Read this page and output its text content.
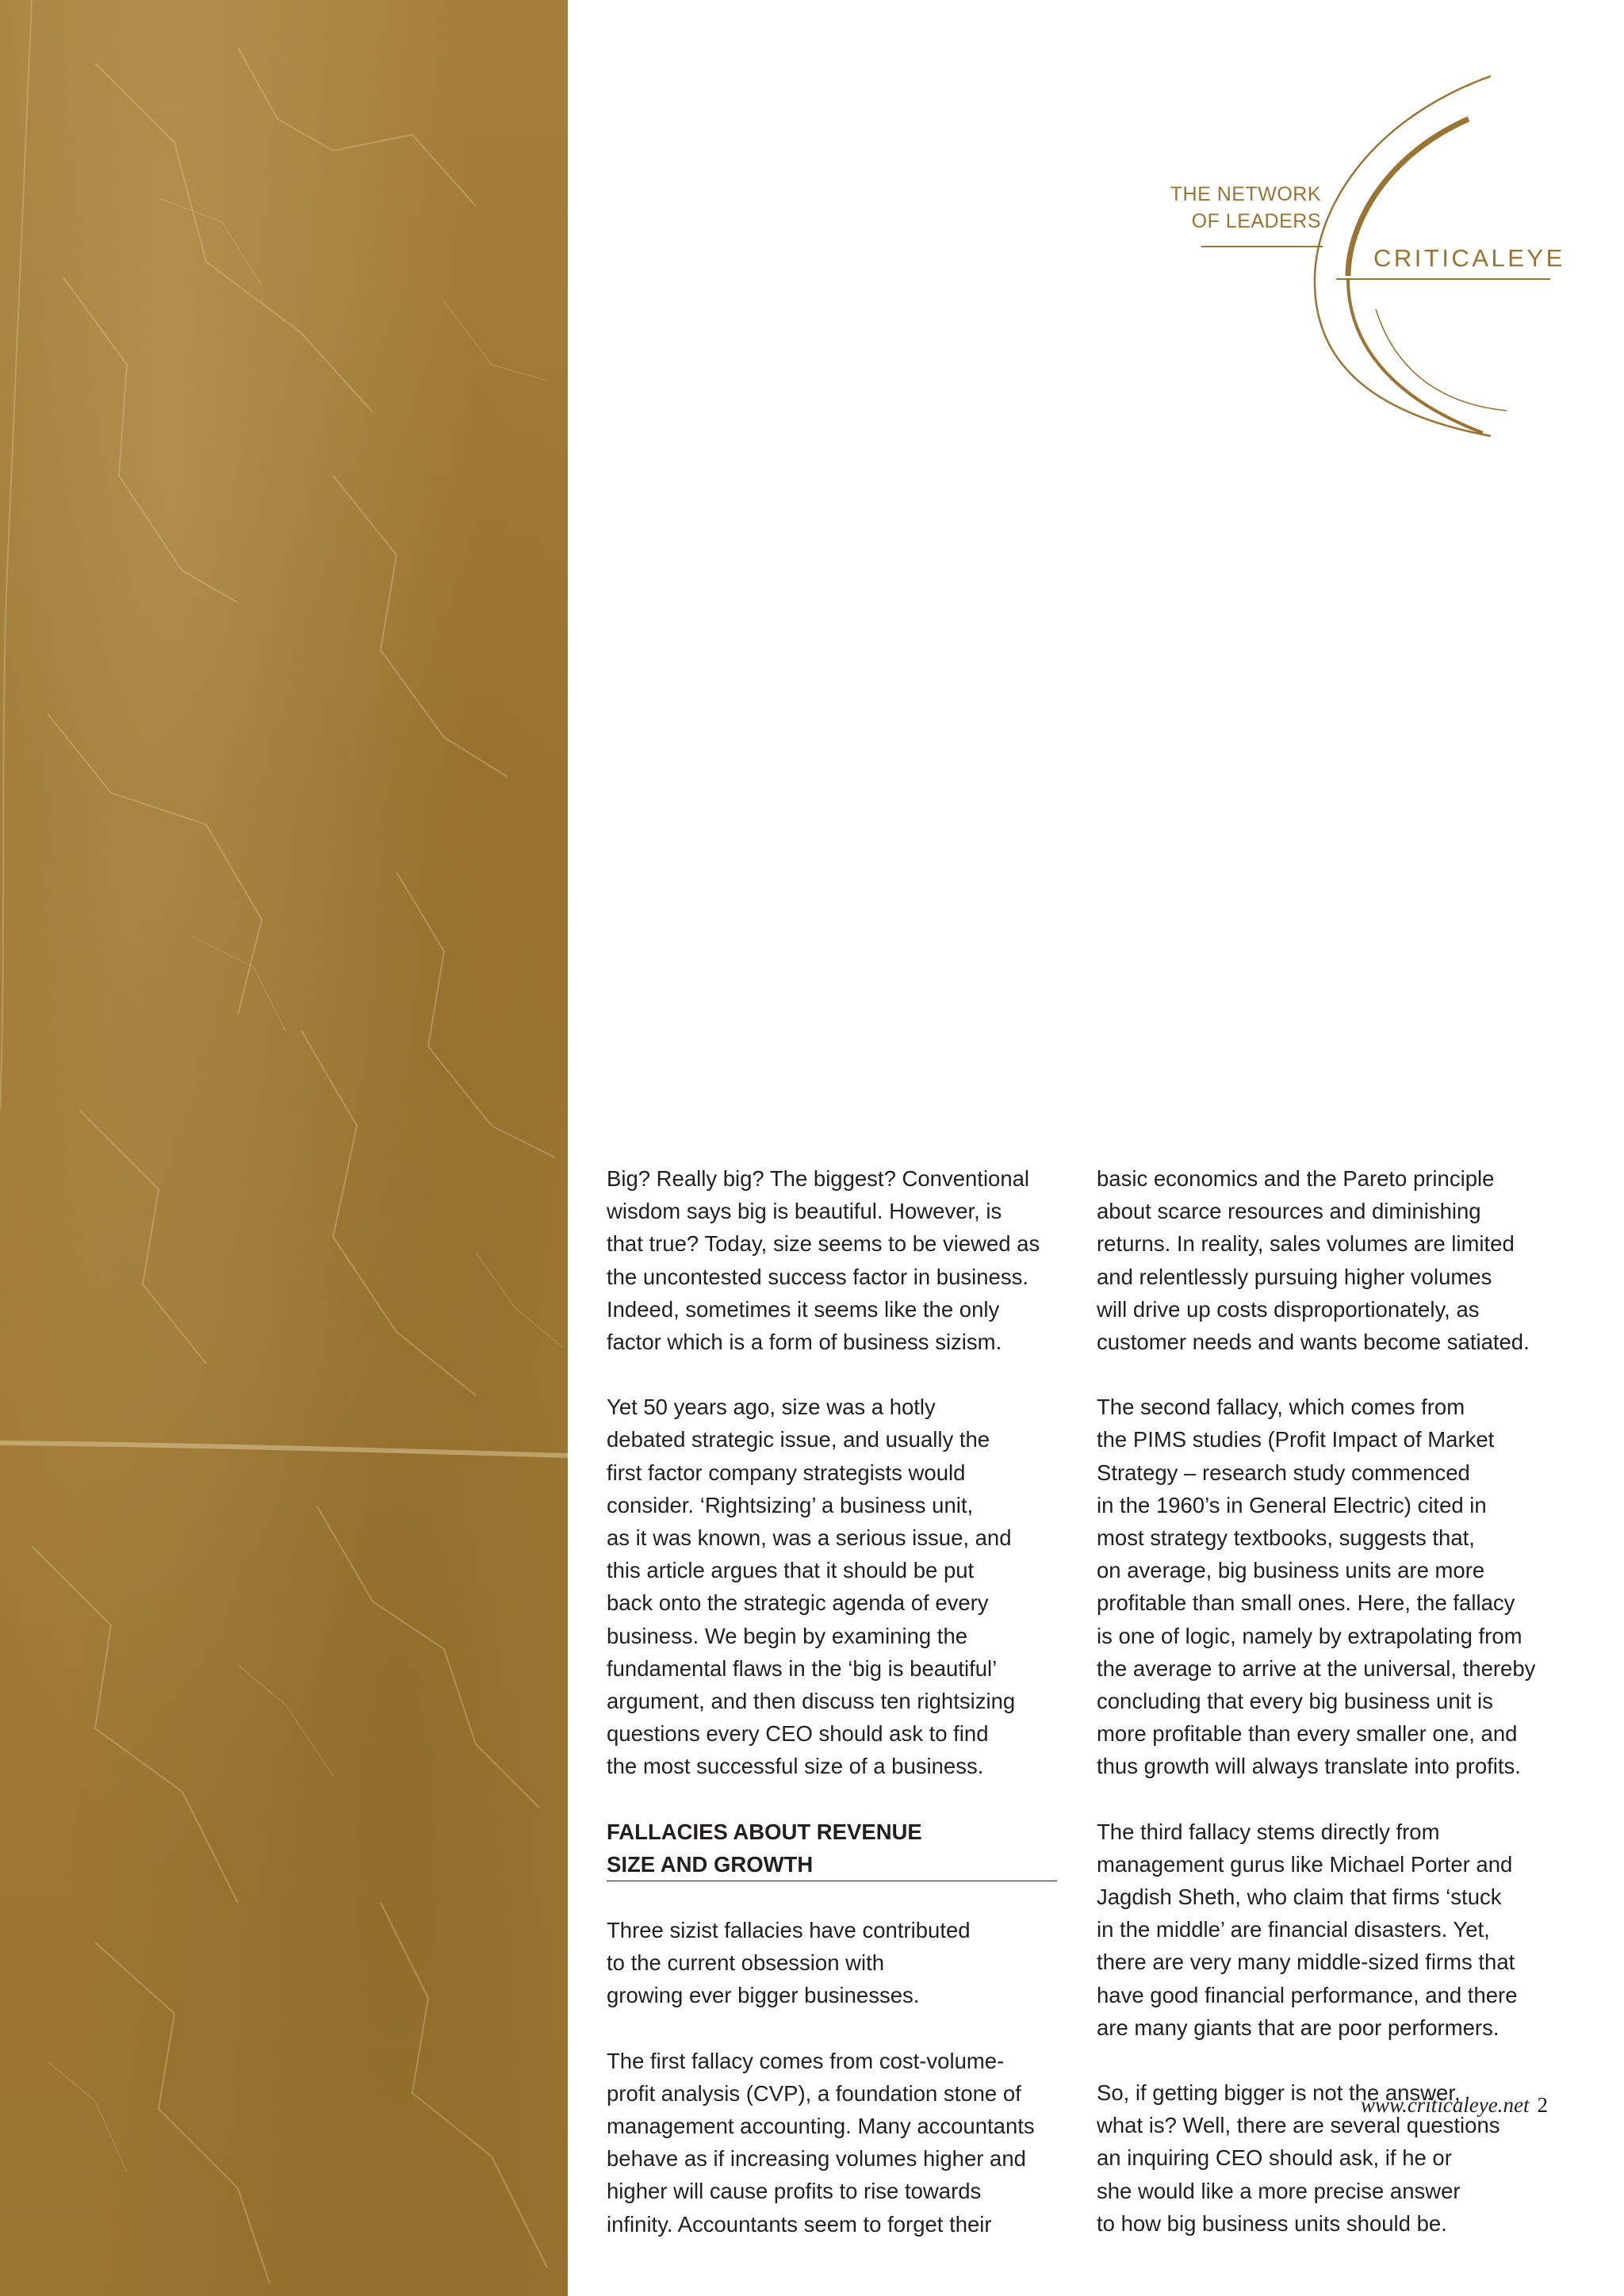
THE NETWORK
OF LEADERS
CRITICALEYE

Big? Really big? The biggest? Conventional
wisdom says big is beautiful. However, is
that true? Today, size seems to be viewed as
the uncontested success factor in business.
Indeed, sometimes it seems like the only
factor which is a form of business sizism.

Yet 50 years ago, size was a hotly
debated strategic issue, and usually the
first factor company strategists would
consider. ‘Rightsizing’ a business unit,
as it was known, was a serious issue, and
this article argues that it should be put
back onto the strategic agenda of every
business. We begin by examining the
fundamental flaws in the ‘big is beautiful’
argument, and then discuss ten rightsizing
questions every CEO should ask to find
the most successful size of a business.

FALLACIES ABOUT REVENUE
SIZE AND GROWTH

Three sizist fallacies have contributed
to the current obsession with
growing ever bigger businesses.

The first fallacy comes from cost-volume-
profit analysis (CVP), a foundation stone of
management accounting. Many accountants
behave as if increasing volumes higher and
higher will cause profits to rise towards
infinity. Accountants seem to forget their

basic economics and the Pareto principle
about scarce resources and diminishing
returns. In reality, sales volumes are limited
and relentlessly pursuing higher volumes
will drive up costs disproportionately, as
customer needs and wants become satiated.

The second fallacy, which comes from
the PIMS studies (Profit Impact of Market
Strategy – research study commenced
in the 1960’s in General Electric) cited in
most strategy textbooks, suggests that,
on average, big business units are more
profitable than small ones. Here, the fallacy
is one of logic, namely by extrapolating from
the average to arrive at the universal, thereby
concluding that every big business unit is
more profitable than every smaller one, and
thus growth will always translate into profits.

The third fallacy stems directly from
management gurus like Michael Porter and
Jagdish Sheth, who claim that firms ‘stuck
in the middle’ are financial disasters. Yet,
there are very many middle-sized firms that
have good financial performance, and there
are many giants that are poor performers.

So, if getting bigger is not the answer,
what is? Well, there are several questions
an inquiring CEO should ask, if he or
she would like a more precise answer
to how big business units should be.

www.criticaleye.net 2
